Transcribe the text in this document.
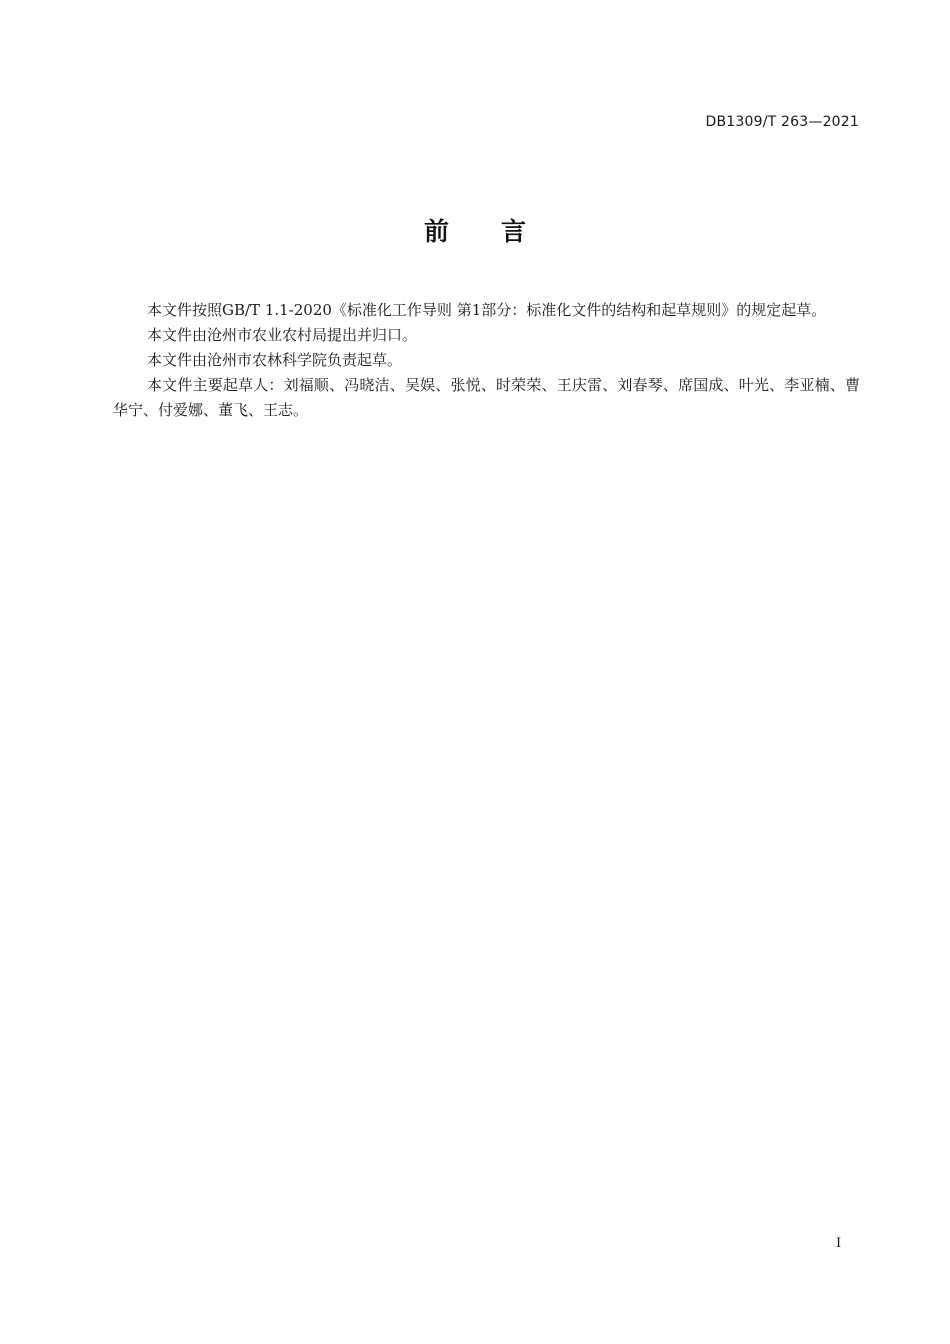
DB1309/T 263—2021
前言

本文件按照GB/T 1.1-2020《标准化工作导则 第1部分：标准化文件的结构和起草规则》的规定起草。

本文件由沧州市农业农村局提出并归口。

本文件由沧州市农林科学院负责起草。

本文件主要起草人：刘福顺、冯晓洁、吴娱、张悦、时荣荣、王庆雷、刘春琴、席国成、叶光、李亚楠、曹华宁、付爱娜、董飞、王志。

I
